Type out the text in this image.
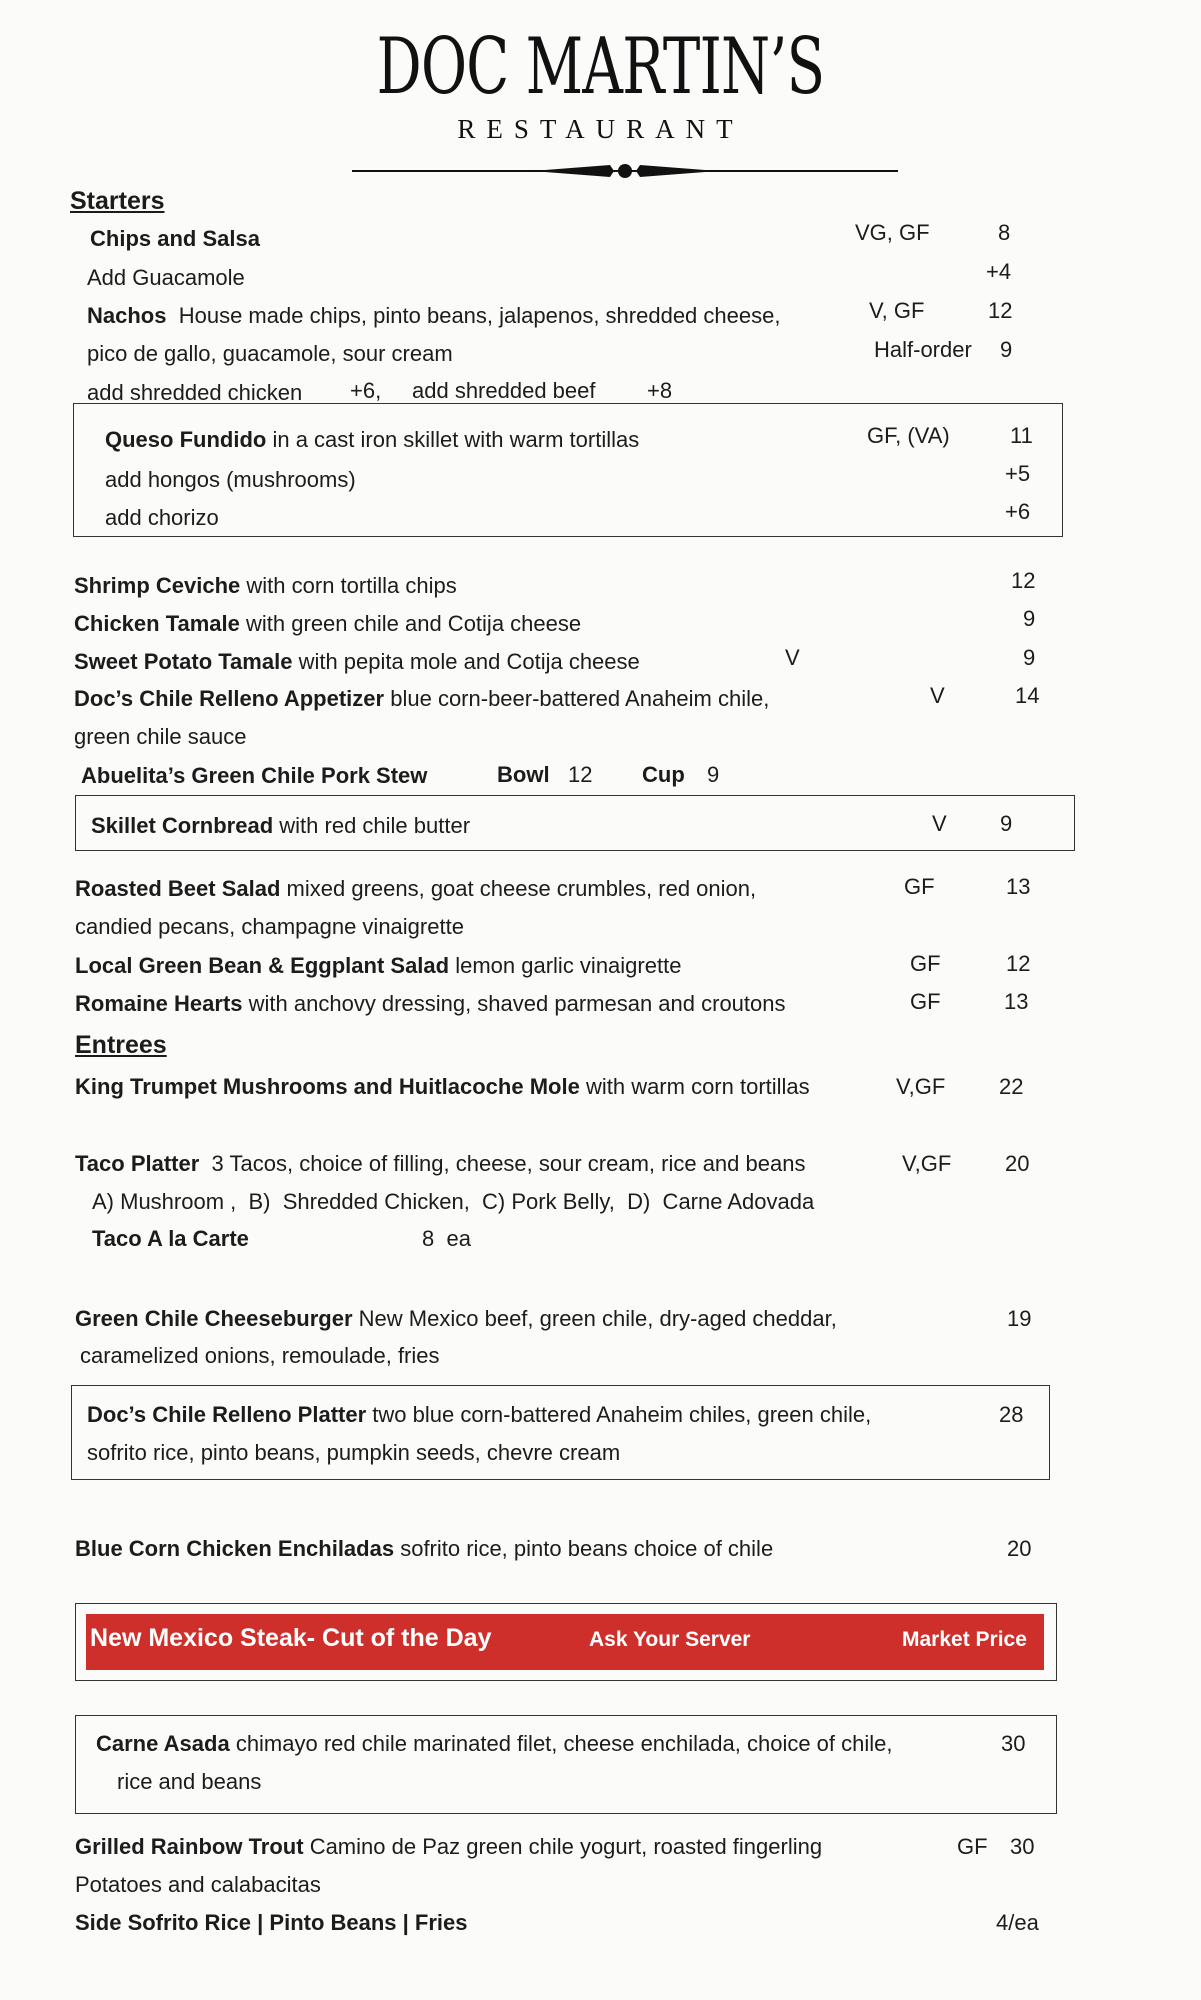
DOC MARTIN’S
RESTAURANT
Starters
Chips and Salsa	VG, GF	8
Add Guacamole	+4
Nachos House made chips, pinto beans, jalapenos, shredded cheese,	V, GF	12
pico de gallo, guacamole, sour cream	Half-order 9
add shredded chicken +6, add shredded beef +8
Queso Fundido in a cast iron skillet with warm tortillas	GF, (VA)	11
add hongos (mushrooms)	+5
add chorizo	+6
Shrimp Ceviche with corn tortilla chips	12
Chicken Tamale with green chile and Cotija cheese	9
Sweet Potato Tamale with pepita mole and Cotija cheese	V	9
Doc’s Chile Relleno Appetizer blue corn-beer-battered Anaheim chile,	V	14
green chile sauce
Abuelita’s Green Chile Pork Stew	Bowl 12 Cup 9
Skillet Cornbread with red chile butter	V 9
Roasted Beet Salad mixed greens, goat cheese crumbles, red onion,	GF	13
candied pecans, champagne vinaigrette
Local Green Bean & Eggplant Salad lemon garlic vinaigrette	GF	12
Romaine Hearts with anchovy dressing, shaved parmesan and croutons	GF	13
Entrees
King Trumpet Mushrooms and Huitlacoche Mole with warm corn tortillas	V,GF 22
Taco Platter 3 Tacos, choice of filling, cheese, sour cream, rice and beans	V,GF 20
A) Mushroom ,  B)  Shredded Chicken,  C) Pork Belly,  D)  Carne Adovada
Taco A la Carte	8  ea
Green Chile Cheeseburger New Mexico beef, green chile, dry-aged cheddar,	19
caramelized onions, remoulade, fries
Doc’s Chile Relleno Platter two blue corn-battered Anaheim chiles, green chile,	28
sofrito rice, pinto beans, pumpkin seeds, chevre cream
Blue Corn Chicken Enchiladas sofrito rice, pinto beans choice of chile	20
New Mexico Steak- Cut of the Day	Ask Your Server	Market Price
Carne Asada chimayo red chile marinated filet, cheese enchilada, choice of chile,	30
rice and beans
Grilled Rainbow Trout Camino de Paz green chile yogurt, roasted fingerling	GF 30
Potatoes and calabacitas
Side Sofrito Rice | Pinto Beans | Fries	4/ea
